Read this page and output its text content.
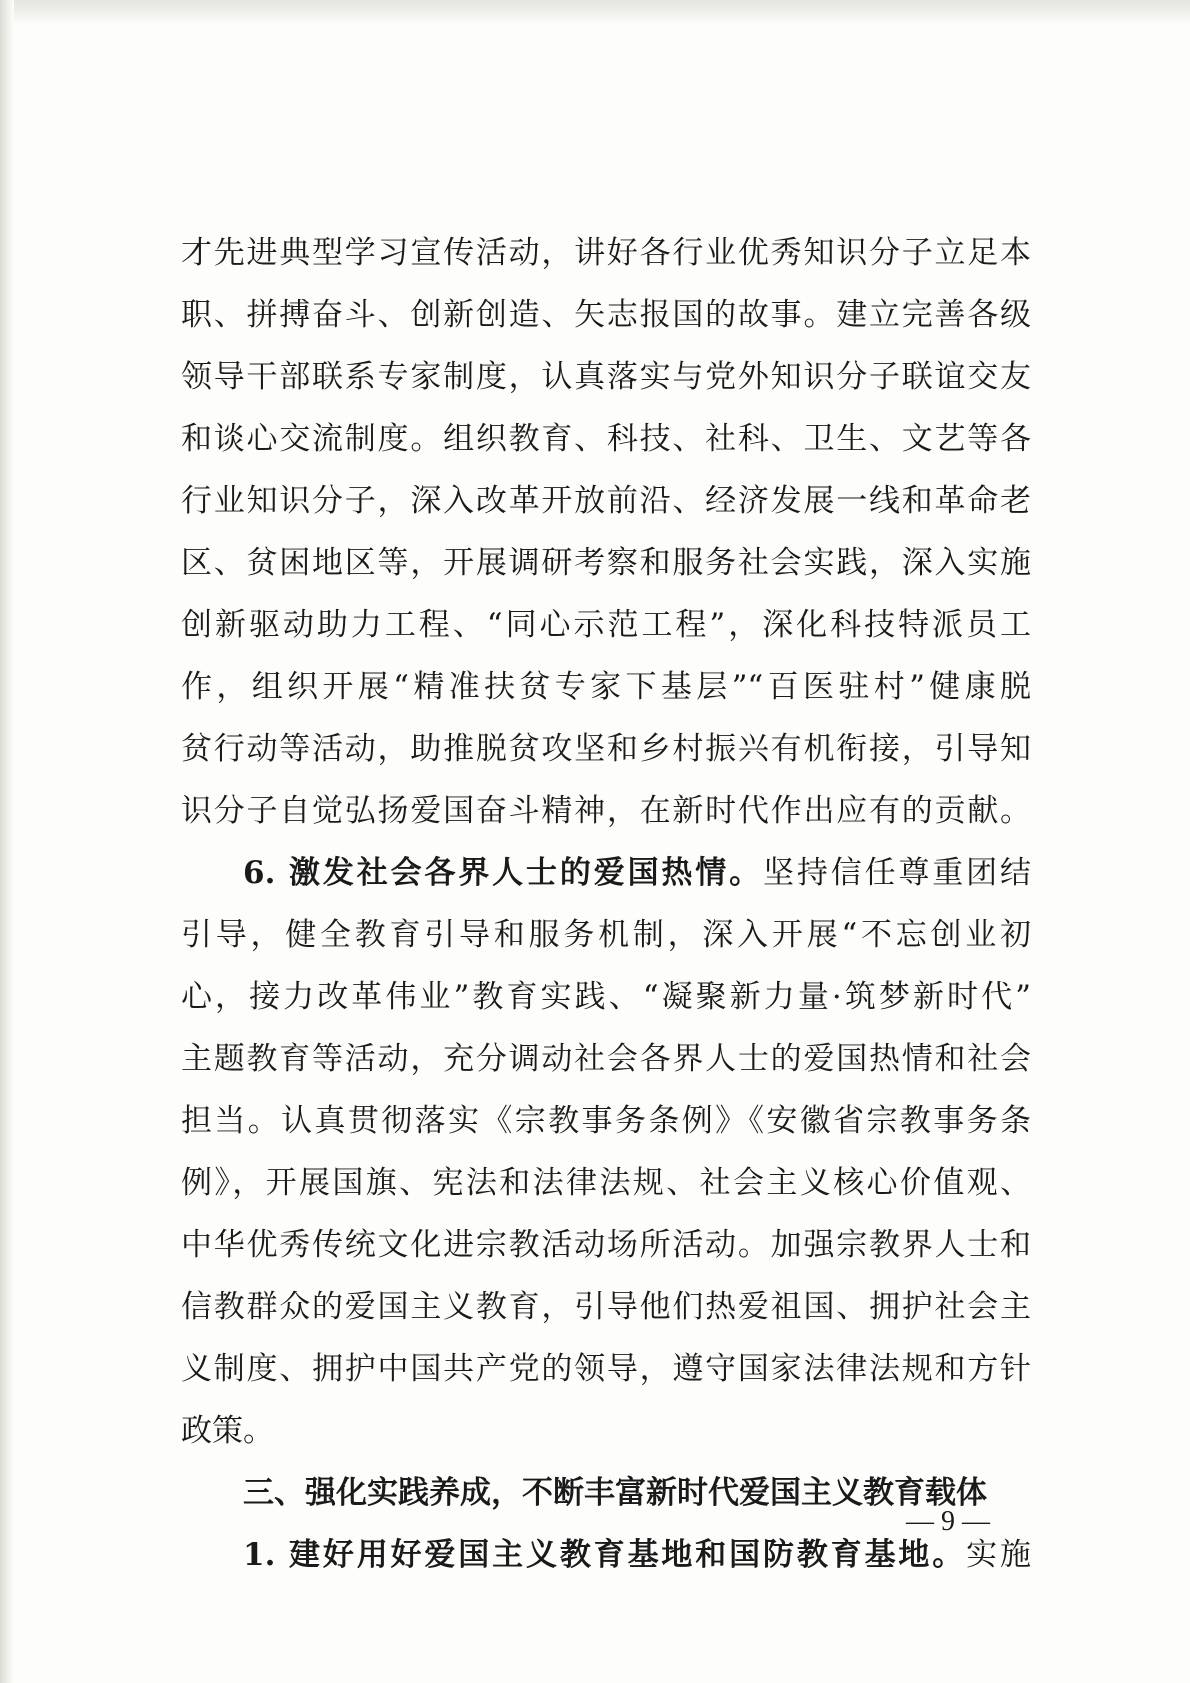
才先进典型学习宣传活动，讲好各行业优秀知识分子立足本
职、拼搏奋斗、创新创造、矢志报国的故事。建立完善各级
领导干部联系专家制度，认真落实与党外知识分子联谊交友
和谈心交流制度。组织教育、科技、社科、卫生、文艺等各
行业知识分子，深入改革开放前沿、经济发展一线和革命老
区、贫困地区等，开展调研考察和服务社会实践，深入实施
创新驱动助力工程、“同心示范工程”，深化科技特派员工
作，组织开展“精准扶贫专家下基层”“百医驻村”健康脱
贫行动等活动，助推脱贫攻坚和乡村振兴有机衔接，引导知
识分子自觉弘扬爱国奋斗精神，在新时代作出应有的贡献。
6. 激发社会各界人士的爱国热情。坚持信任尊重团结
引导，健全教育引导和服务机制，深入开展“不忘创业初
心，接力改革伟业”教育实践、“凝聚新力量·筑梦新时代”
主题教育等活动，充分调动社会各界人士的爱国热情和社会
担当。认真贯彻落实《宗教事务条例》《安徽省宗教事务条
例》，开展国旗、宪法和法律法规、社会主义核心价值观、
中华优秀传统文化进宗教活动场所活动。加强宗教界人士和
信教群众的爱国主义教育，引导他们热爱祖国、拥护社会主
义制度、拥护中国共产党的领导，遵守国家法律法规和方针
政策。
三、强化实践养成，不断丰富新时代爱国主义教育载体
1. 建好用好爱国主义教育基地和国防教育基地。实施
— 9 —
